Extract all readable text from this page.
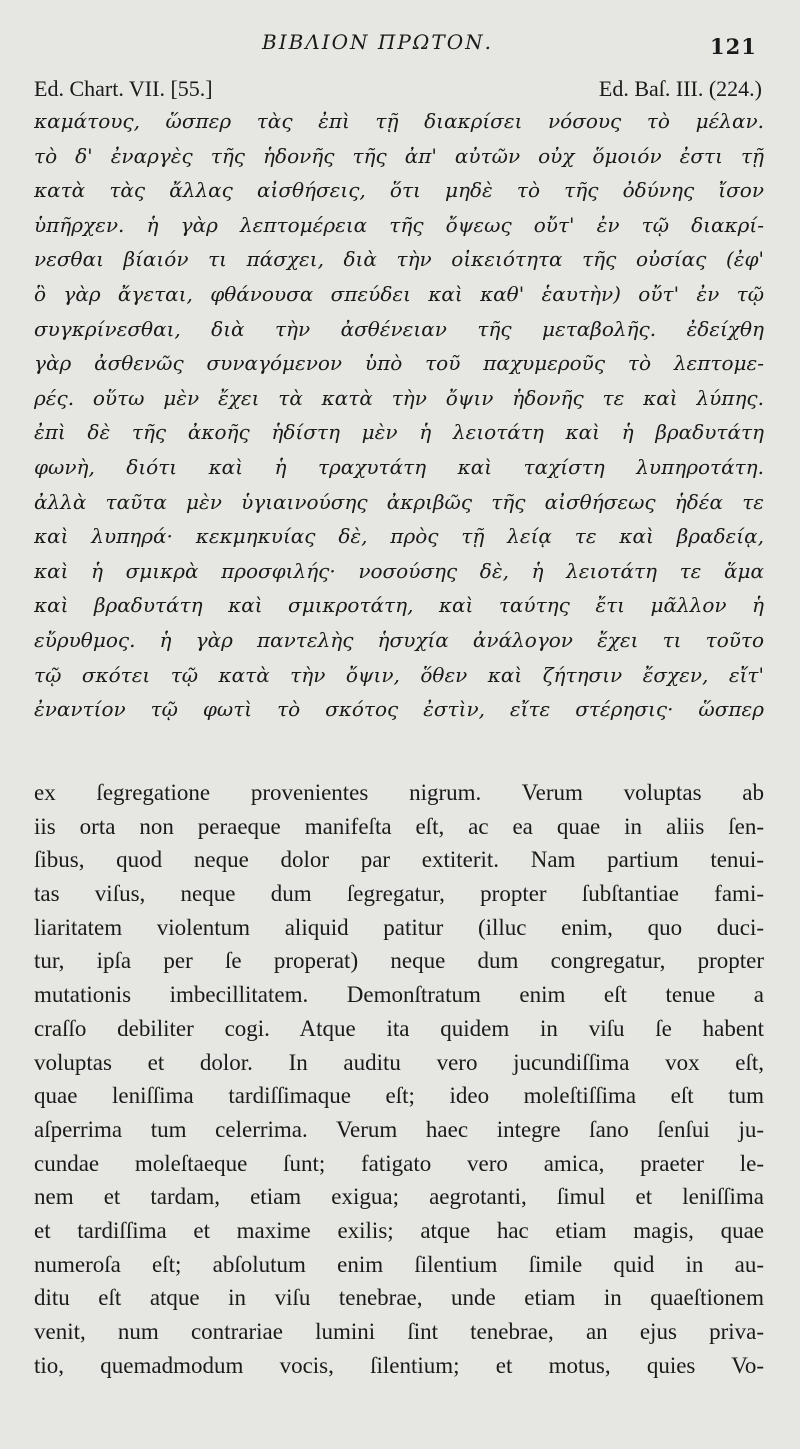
BIBΛΙΟΝ ΠΡΩΤΟΝ.	121
Ed. Chart. VII. [55.]	Ed. Baſ. III. (224.)
καμάτους, ὥσπερ τὰς ἐπὶ τῇ διακρίσει νόσους τὸ μέλαν.
τὸ δ' ἐναργὲς τῆς ἡδονῆς τῆς ἀπ' αὐτῶν οὐχ ὅμοιόν ἐστι τῇ
κατὰ τὰς ἄλλας αἰσθήσεις, ὅτι μηδὲ τὸ τῆς ὀδύνης ἴσον
ὑπῆρχεν. ἡ γὰρ λεπτομέρεια τῆς ὄψεως οὔτ' ἐν τῷ διακρί-
νεσθαι βίαιόν τι πάσχει, διὰ τὴν οἰκειότητα τῆς οὐσίας (ἐφ'
ὃ γὰρ ἄγεται, φθάνουσα σπεύδει καὶ καθ' ἑαυτὴν) οὔτ' ἐν τῷ
συγκρίνεσθαι, διὰ τὴν ἀσθένειαν τῆς μεταβολῆς. ἐδείχθη
γὰρ ἀσθενῶς συναγόμενον ὑπὸ τοῦ παχυμεροῦς τὸ λεπτομε-
ρές. οὕτω μὲν ἔχει τὰ κατὰ τὴν ὄψιν ἡδονῆς τε καὶ λύπης.
ἐπὶ δὲ τῆς ἀκοῆς ἡδίστη μὲν ἡ λειοτάτη καὶ ἡ βραδυτάτη
φωνὴ, διότι καὶ ἡ τραχυτάτη καὶ ταχίστη λυπηροτάτη.
ἀλλὰ ταῦτα μὲν ὑγιαινούσης ἀκριβῶς τῆς αἰσθήσεως ἡδέα τε
καὶ λυπηρά· κεκμηκυίας δὲ, πρὸς τῇ λείᾳ τε καὶ βραδείᾳ,
καὶ ἡ σμικρὰ προσφιλής· νοσούσης δὲ, ἡ λειοτάτη τε ἅμα
καὶ βραδυτάτη καὶ σμικροτάτη, καὶ ταύτης ἔτι μᾶλλον ἡ
εὔρυθμος. ἡ γὰρ παντελὴς ἡσυχία ἀνάλογον ἔχει τι τοῦτο
τῷ σκότει τῷ κατὰ τὴν ὄψιν, ὅθεν καὶ ζήτησιν ἔσχεν, εἴτ'
ἐναντίον τῷ φωτὶ τὸ σκότος ἐστὶν, εἴτε στέρησις· ὥσπερ
ex ſegregatione provenientes nigrum. Verum voluptas ab
iis orta non peraeque manifeſta eſt, ac ea quae in aliis ſen-
ſibus, quod neque dolor par extiterit. Nam partium tenui-
tas viſus, neque dum ſegregatur, propter ſubſtantiae fami-
liaritatem violentum aliquid patitur (illuc enim, quo duci-
tur, ipſa per ſe properat) neque dum congregatur, propter
mutationis imbecillitatem. Demonſtratum enim eſt tenue a
craſſo debiliter cogi. Atque ita quidem in viſu ſe habent
voluptas et dolor. In auditu vero jucundiſſima vox eſt,
quae leniſſima tardiſſimaque eſt; ideo moleſtiſſima eſt tum
aſperrima tum celerrima. Verum haec integre ſano ſenſui ju-
cundae moleſtaeque ſunt; fatigato vero amica, praeter le-
nem et tardam, etiam exigua; aegrotanti, ſimul et leniſſima
et tardiſſima et maxime exilis; atque hac etiam magis, quae
numeroſa eſt; abſolutum enim ſilentium ſimile quid in au-
ditu eſt atque in viſu tenebrae, unde etiam in quaeſtionem
venit, num contrariae lumini ſint tenebrae, an ejus priva-
tio, quemadmodum vocis, ſilentium; et motus, quies Vo-
